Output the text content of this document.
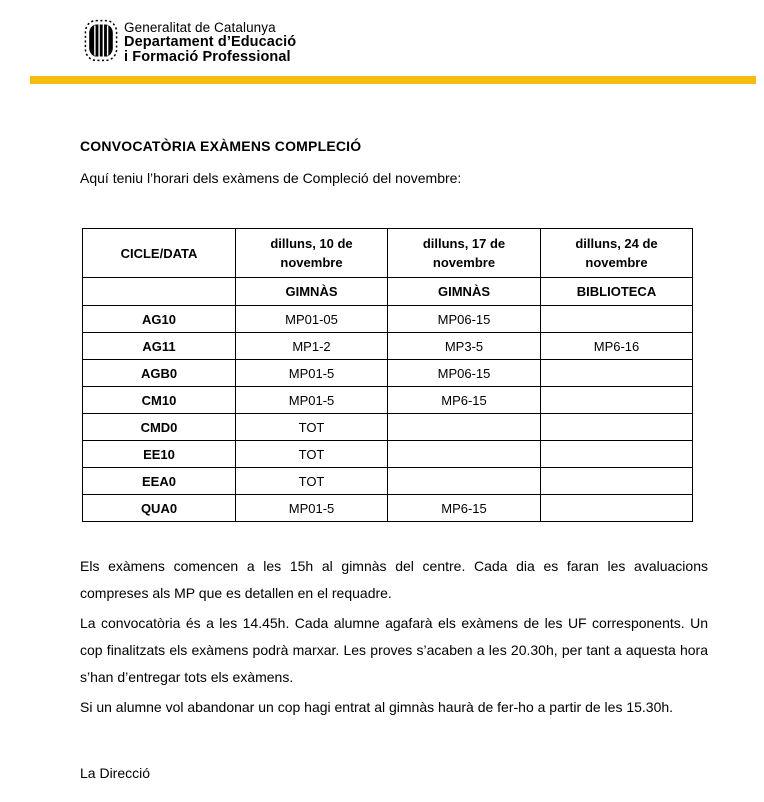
Generalitat de Catalunya
Departament d’Educació
i Formació Professional
CONVOCATÒRIA EXÀMENS COMPLECIÓ

Aquí teniu l’horari dels exàmens de Compleció del novembre:

CICLE/DATA	dilluns, 10 de novembre	dilluns, 17 de novembre	dilluns, 24 de novembre
	GIMNÀS	GIMNÀS	BIBLIOTECA
AG10	MP01-05	MP06-15	
AG11	MP1-2	MP3-5	MP6-16
AGB0	MP01-5	MP06-15	
CM10	MP01-5	MP6-15	
CMD0	TOT		
EE10	TOT		
EEA0	TOT		
QUA0	MP01-5	MP6-15	

Els exàmens comencen a les 15h al gimnàs del centre. Cada dia es faran les avaluacions compreses als MP que es detallen en el requadre.

La convocatòria és a les 14.45h. Cada alumne agafarà els exàmens de les UF corresponents. Un cop finalitzats els exàmens podrà marxar. Les proves s’acaben a les 20.30h, per tant a aquesta hora s’han d’entregar tots els exàmens.

Si un alumne vol abandonar un cop hagi entrat al gimnàs haurà de fer-ho a partir de les 15.30h.

La Direcció
